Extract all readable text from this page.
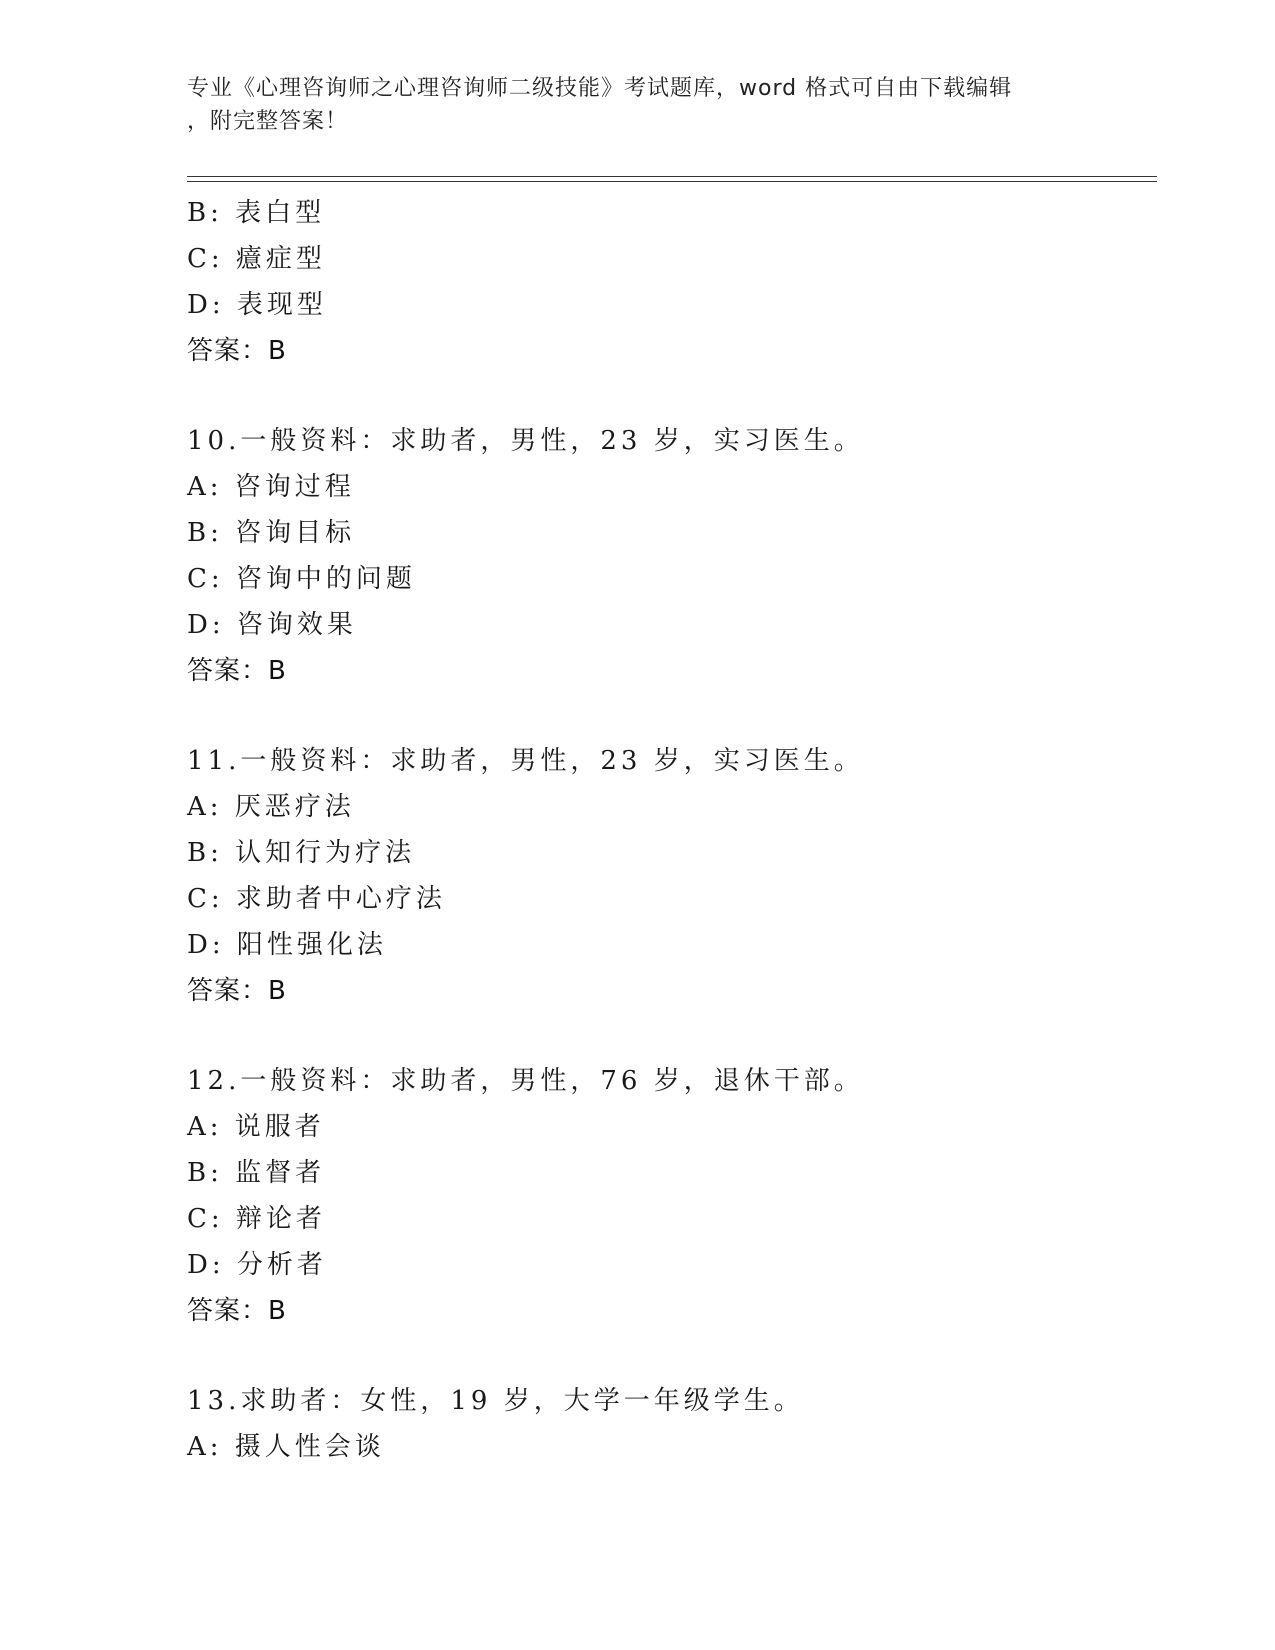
专业《心理咨询师之心理咨询师二级技能》考试题库，word 格式可自由下载编辑
，附完整答案！
B: 表白型
C: 癔症型
D: 表现型
答案：B
10.一般资料：求助者，男性，23 岁，实习医生。
A: 咨询过程
B: 咨询目标
C: 咨询中的问题
D: 咨询效果
答案：B
11.一般资料：求助者，男性，23 岁，实习医生。
A: 厌恶疗法
B: 认知行为疗法
C: 求助者中心疗法
D: 阳性强化法
答案：B
12.一般资料：求助者，男性，76 岁，退休干部。
A: 说服者
B: 监督者
C: 辩论者
D: 分析者
答案：B
13.求助者：女性，19 岁，大学一年级学生。
A: 摄人性会谈
